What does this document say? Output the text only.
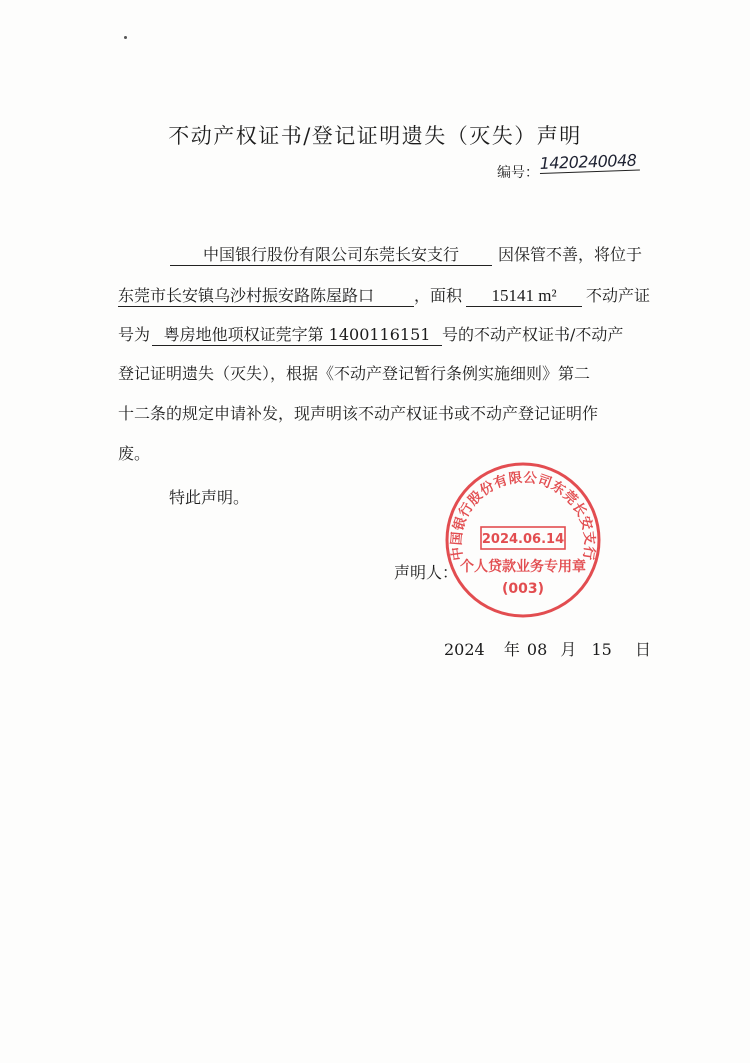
不动产权证书/登记证明遗失（灭失）声明
编号： 1420240048
中国银行股份有限公司东莞长安支行 因保管不善，将位于
东莞市长安镇乌沙村振安路陈屋路口 ，面积 15141 m² 不动产证
号为 粤房地他项权证莞字第 1400116151 号的不动产权证书/不动产
登记证明遗失（灭失），根据《不动产登记暂行条例实施细则》第二
十二条的规定申请补发，现声明该不动产权证书或不动产登记证明作
废。
特此声明。
声明人：
2024 年 08 月 15 日
中国银行股份有限公司东莞长安支行
2024.06.14
个人贷款业务专用章
(003)
